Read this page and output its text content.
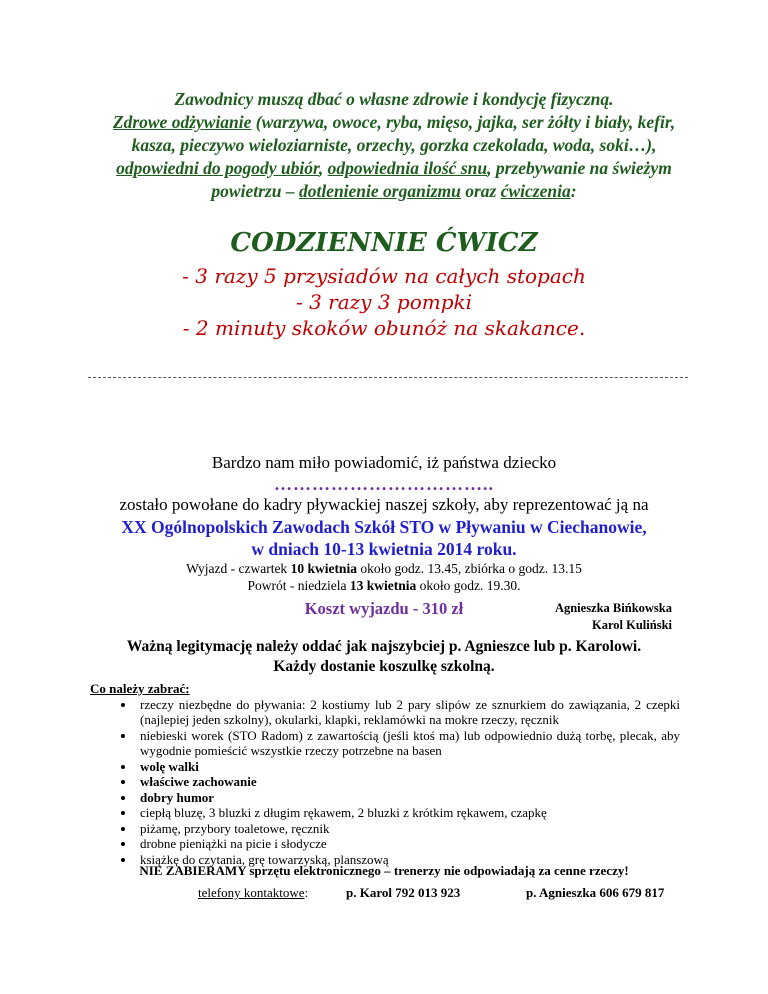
Zawodnicy muszą dbać o własne zdrowie i kondycję fizyczną.
Zdrowe odżywianie (warzywa, owoce, ryba, mięso, jajka, ser żółty i biały, kefir, kasza, pieczywo wieloziarniste, orzechy, gorzka czekolada, woda, soki…), odpowiedni do pogody ubiór, odpowiednia ilość snu, przebywanie na świeżym powietrzu – dotlenienie organizmu oraz ćwiczenia:
CODZIENNIE ĆWICZ
- 3 razy 5 przysiadów na całych stopach
- 3 razy 3 pompki
- 2 minuty skoków obunóż na skakance.
Bardzo nam miło powiadomić, iż państwa dziecko
……………………………..
zostało powołane do kadry pływackiej naszej szkoły, aby reprezentować ją na
XX Ogólnopolskich Zawodach Szkół STO w Pływaniu w Ciechanowie,
w dniach 10-13 kwietnia 2014 roku.
Wyjazd - czwartek 10 kwietnia około godz. 13.45, zbiórka o godz. 13.15
Powrót - niedziela 13 kwietnia około godz. 19.30.
Koszt wyjazdu - 310 zł	Agnieszka Bińkowska
Karol Kuliński
Ważną legitymację należy oddać jak najszybciej p. Agnieszce lub p. Karolowi.
Każdy dostanie koszulkę szkolną.
Co należy zabrać:
• rzeczy niezbędne do pływania: 2 kostiumy lub 2 pary slipów ze sznurkiem do zawiązania, 2 czepki (najlepiej jeden szkolny), okularki, klapki, reklamówki na mokre rzeczy, ręcznik
• niebieski worek (STO Radom) z zawartością (jeśli ktoś ma) lub odpowiednio dużą torbę, plecak, aby wygodnie pomieścić wszystkie rzeczy potrzebne na basen
• wolę walki
• właściwe zachowanie
• dobry humor
• ciepłą bluzę, 3 bluzki z długim rękawem, 2 bluzki z krótkim rękawem, czapkę
• piżamę, przybory toaletowe, ręcznik
• drobne pieniążki na picie i słodycze
• książkę do czytania, grę towarzyską, planszową
NIE ZABIERAMY sprzętu elektronicznego – trenerzy nie odpowiadają za cenne rzeczy!
telefony kontaktowe:	p. Karol 792 013 923	p. Agnieszka 606 679 817
